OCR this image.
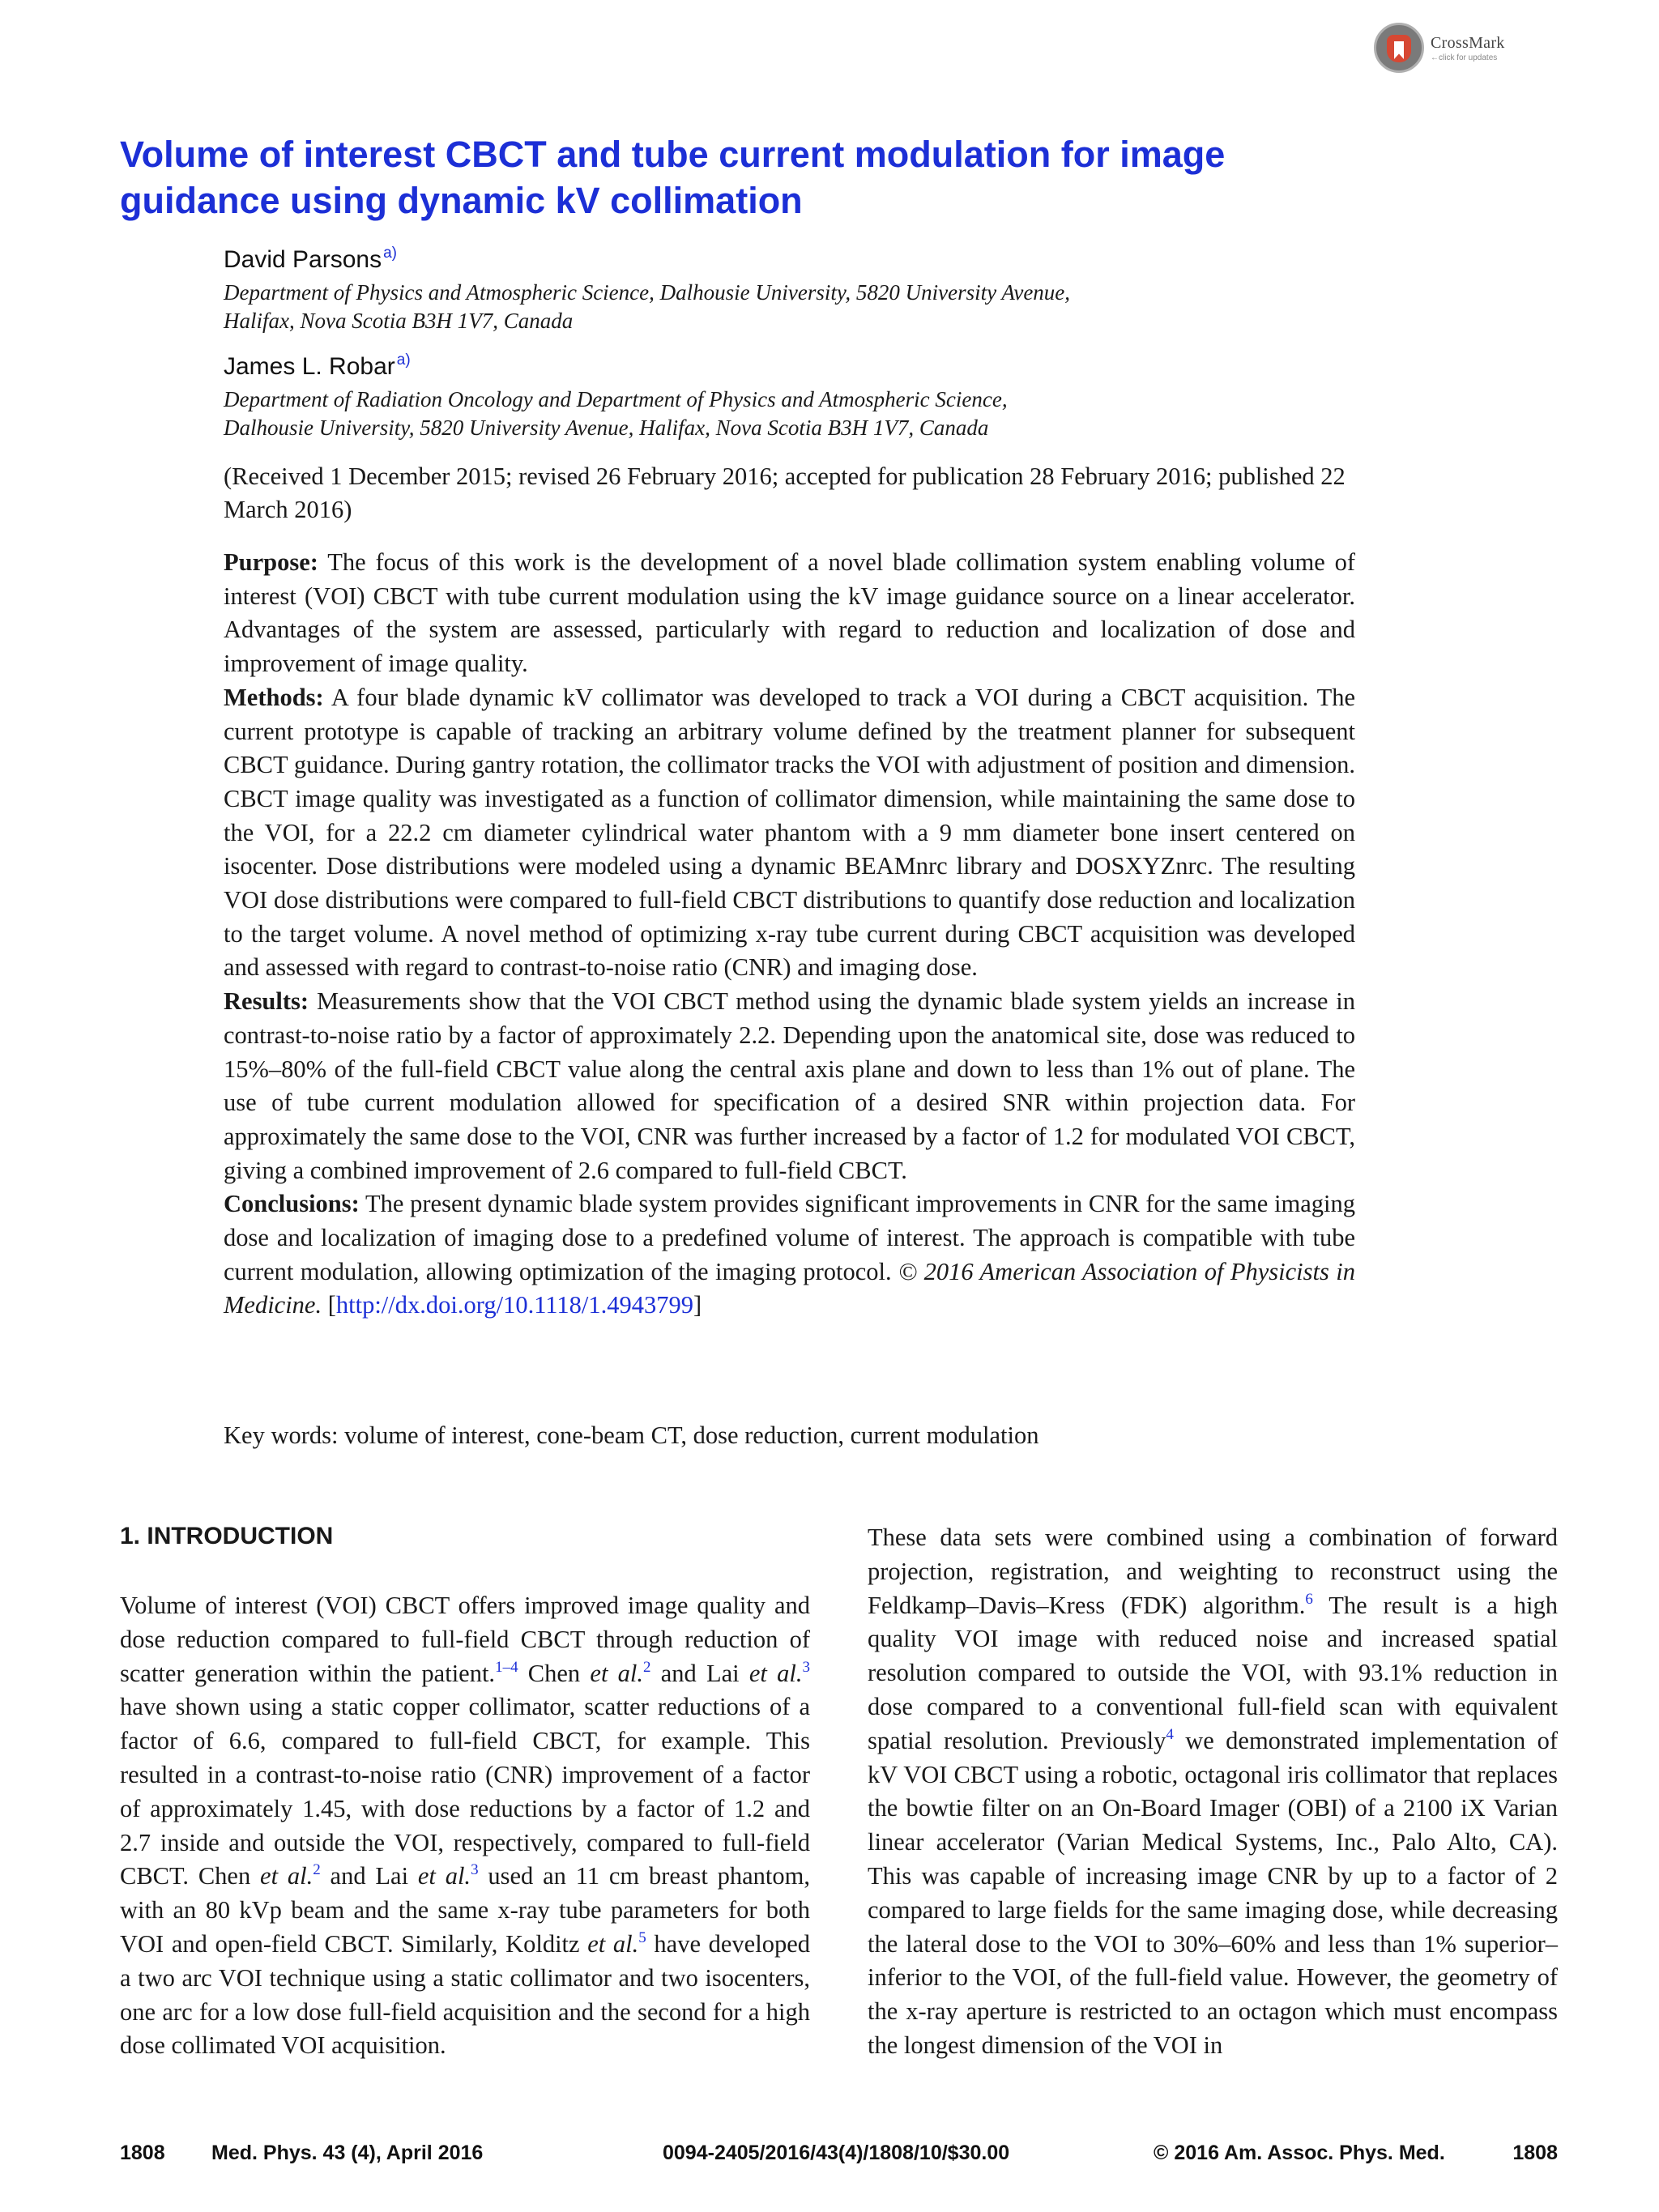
CrossMark
←click for updates
Volume of interest CBCT and tube current modulation for image guidance using dynamic kV collimation
David Parsons $^{a)}$
Department of Physics and Atmospheric Science, Dalhousie University, 5820 University Avenue,
Halifax, Nova Scotia B3H 1V7, Canada
James L. Robar $^{a)}$
Department of Radiation Oncology and Department of Physics and Atmospheric Science,
Dalhousie University, 5820 University Avenue, Halifax, Nova Scotia B3H 1V7, Canada
(Received 1 December 2015; revised 26 February 2016; accepted for publication 28 February 2016; published 22 March 2016)

Purpose: The focus of this work is the development of a novel blade collimation system enabling volume of interest (VOI) CBCT with tube current modulation using the kV image guidance source on a linear accelerator. Advantages of the system are assessed, particularly with regard to reduction and localization of dose and improvement of image quality.

Methods: A four blade dynamic kV collimator was developed to track a VOI during a CBCT acquisition. The current prototype is capable of tracking an arbitrary volume defined by the treatment planner for subsequent CBCT guidance. During gantry rotation, the collimator tracks the VOI with adjustment of position and dimension. CBCT image quality was investigated as a function of collimator dimension, while maintaining the same dose to the VOI, for a 22.2 cm diameter cylindrical water phantom with a 9 mm diameter bone insert centered on isocenter. Dose distributions were modeled using a dynamic BEAMnrc library and DOSXYZnrc. The resulting VOI dose distributions were compared to full-field CBCT distributions to quantify dose reduction and localization to the target volume. A novel method of optimizing x-ray tube current during CBCT acquisition was developed and assessed with regard to contrast-to-noise ratio (CNR) and imaging dose.

Results: Measurements show that the VOI CBCT method using the dynamic blade system yields an increase in contrast-to-noise ratio by a factor of approximately 2.2. Depending upon the anatomical site, dose was reduced to 15%–80% of the full-field CBCT value along the central axis plane and down to less than 1% out of plane. The use of tube current modulation allowed for specification of a desired SNR within projection data. For approximately the same dose to the VOI, CNR was further increased by a factor of 1.2 for modulated VOI CBCT, giving a combined improvement of 2.6 compared to full-field CBCT.

Conclusions: The present dynamic blade system provides significant improvements in CNR for the same imaging dose and localization of imaging dose to a predefined volume of interest. The approach is compatible with tube current modulation, allowing optimization of the imaging protocol. © 2016 American Association of Physicists in Medicine. [http://dx.doi.org/10.1118/1.4943799]

Key words: volume of interest, cone-beam CT, dose reduction, current modulation
1. INTRODUCTION
Volume of interest (VOI) CBCT offers improved image quality and dose reduction compared to full-field CBCT through reduction of scatter generation within the patient.$^{1-4}$ Chen et al.$^2$ and Lai et al.$^3$ have shown using a static copper collimator, scatter reductions of a factor of 6.6, compared to full-field CBCT, for example. This resulted in a contrast-to-noise ratio (CNR) improvement of a factor of approximately 1.45, with dose reductions by a factor of 1.2 and 2.7 inside and outside the VOI, respectively, compared to full-field CBCT. Chen et al.$^2$ and Lai et al.$^3$ used an 11 cm breast phantom, with an 80 kVp beam and the same x-ray tube parameters for both VOI and open-field CBCT. Similarly, Kolditz et al.$^5$ have developed a two arc VOI technique using a static collimator and two isocenters, one arc for a low dose full-field acquisition and the second for a high dose collimated VOI acquisition.
These data sets were combined using a combination of forward projection, registration, and weighting to reconstruct using the Feldkamp–Davis–Kress (FDK) algorithm.$^6$ The result is a high quality VOI image with reduced noise and increased spatial resolution compared to outside the VOI, with 93.1% reduction in dose compared to a conventional full-field scan with equivalent spatial resolution. Previously$^4$ we demonstrated implementation of kV VOI CBCT using a robotic, octagonal iris collimator that replaces the bowtie filter on an On-Board Imager (OBI) of a 2100 iX Varian linear accelerator (Varian Medical Systems, Inc., Palo Alto, CA). This was capable of increasing image CNR by up to a factor of 2 compared to large fields for the same imaging dose, while decreasing the lateral dose to the VOI to 30%–60% and less than 1% superior–inferior to the VOI, of the full-field value. However, the geometry of the x-ray aperture is restricted to an octagon which must encompass the longest dimension of the VOI in
1808 Med. Phys. 43 (4), April 2016	0094-2405/2016/43(4)/1808/10/$30.00	© 2016 Am. Assoc. Phys. Med.	1808
